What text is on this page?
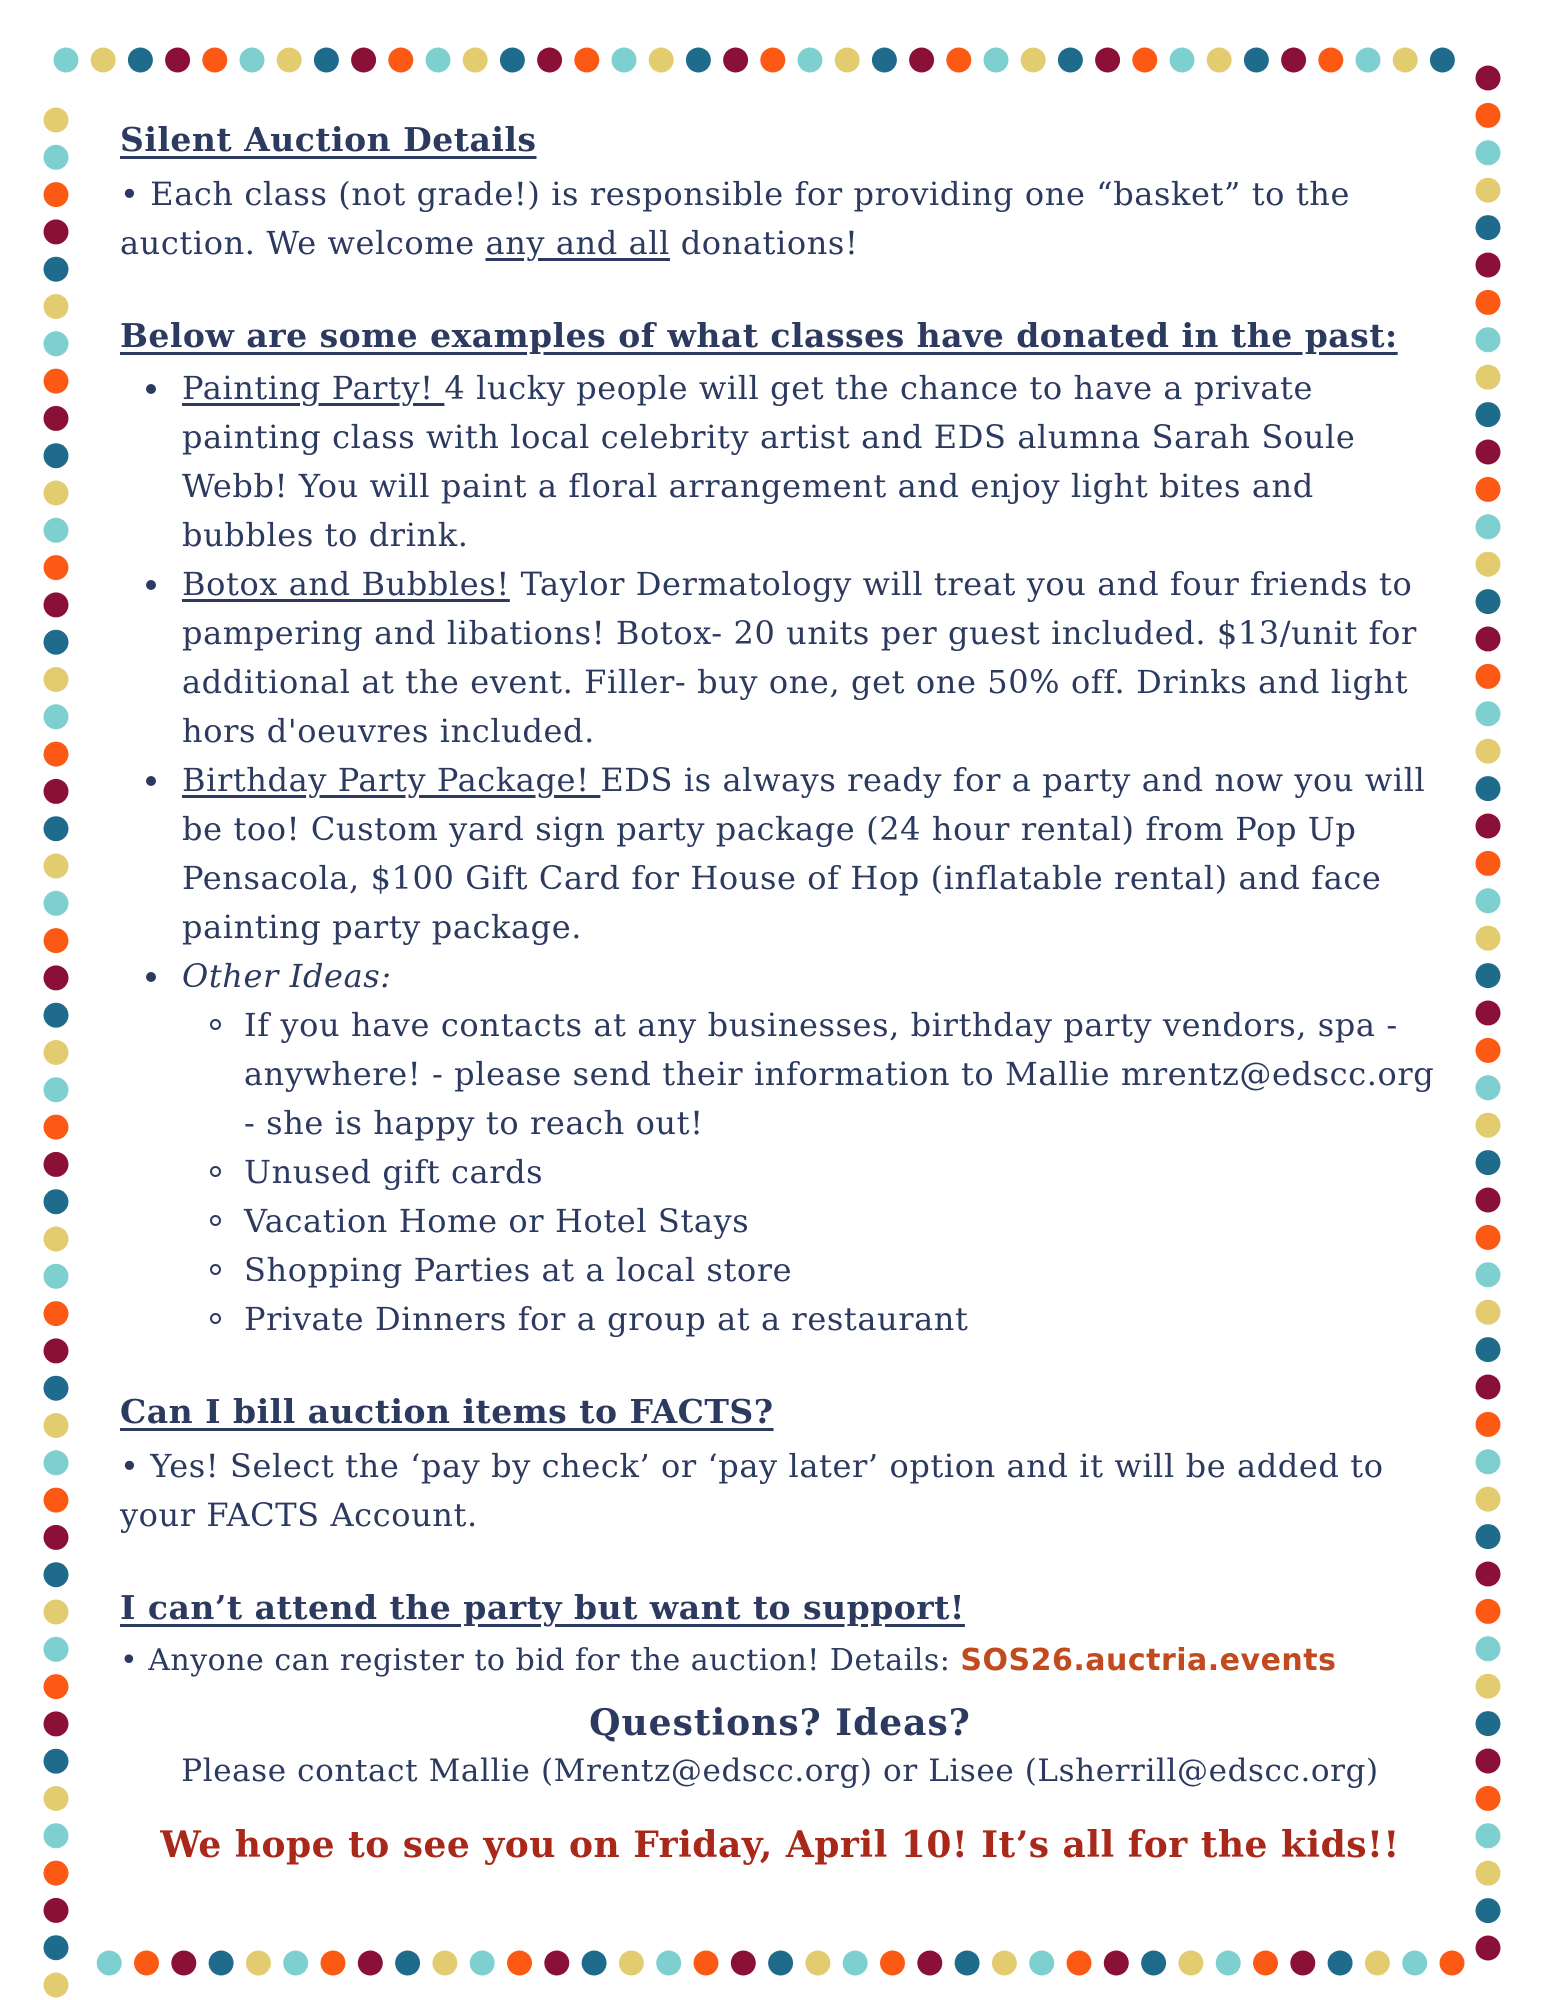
Silent Auction Details

• Each class (not grade!) is responsible for providing one “basket” to the auction. We welcome any and all donations!

Below are some examples of what classes have donated in the past:
Painting Party! 4 lucky people will get the chance to have a private painting class with local celebrity artist and EDS alumna Sarah Soule Webb! You will paint a floral arrangement and enjoy light bites and bubbles to drink.
Botox and Bubbles! Taylor Dermatology will treat you and four friends to pampering and libations! Botox- 20 units per guest included. $13/unit for additional at the event. Filler- buy one, get one 50% off. Drinks and light hors d'oeuvres included.
Birthday Party Package! EDS is always ready for a party and now you will be too! Custom yard sign party package (24 hour rental) from Pop Up Pensacola, $100 Gift Card for House of Hop (inflatable rental) and face painting party package.
Other Ideas:
If you have contacts at any businesses, birthday party vendors, spa - anywhere! - please send their information to Mallie mrentz@edscc.org - she is happy to reach out!
Unused gift cards
Vacation Home or Hotel Stays
Shopping Parties at a local store
Private Dinners for a group at a restaurant
Can I bill auction items to FACTS?

• Yes! Select the ‘pay by check’ or ‘pay later’ option and it will be added to your FACTS Account.

I can’t attend the party but want to support!

• Anyone can register to bid for the auction! Details: SOS26.auctria.events

Questions? Ideas?
Please contact Mallie (Mrentz@edscc.org) or Lisee (Lsherrill@edscc.org)
We hope to see you on Friday, April 10! It’s all for the kids!!
